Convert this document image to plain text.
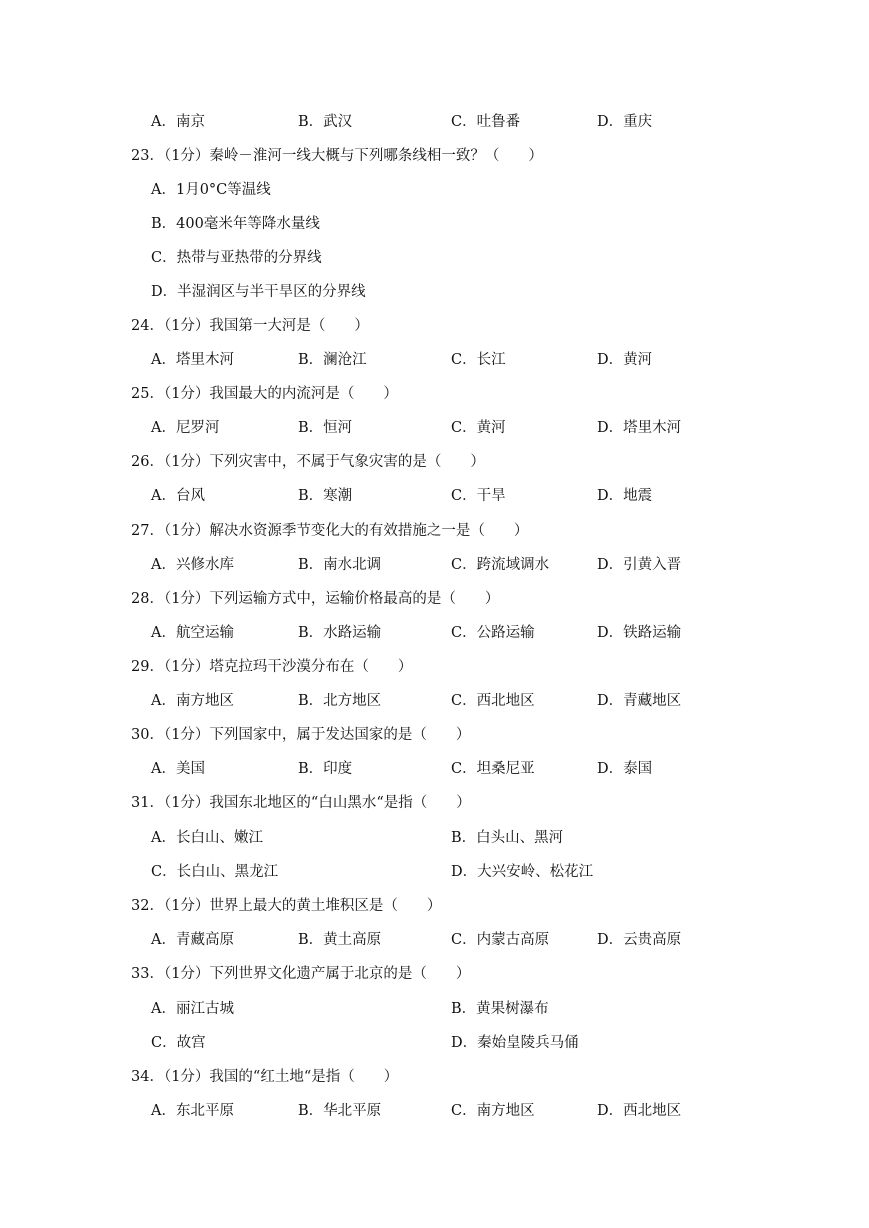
A．南京	B．武汉	C．吐鲁番	D．重庆
23．（1分）秦岭－淮河一线大概与下列哪条线相一致？（　　）
A．1月0°C等温线
B．400毫米年等降水量线
C．热带与亚热带的分界线
D．半湿润区与半干旱区的分界线
24．（1分）我国第一大河是（　　）
A．塔里木河	B．澜沧江	C．长江	D．黄河
25．（1分）我国最大的内流河是（　　）
A．尼罗河	B．恒河	C．黄河	D．塔里木河
26．（1分）下列灾害中，不属于气象灾害的是（　　）
A．台风	B．寒潮	C．干旱	D．地震
27．（1分）解决水资源季节变化大的有效措施之一是（　　）
A．兴修水库	B．南水北调	C．跨流域调水	D．引黄入晋
28．（1分）下列运输方式中，运输价格最高的是（　　）
A．航空运输	B．水路运输	C．公路运输	D．铁路运输
29．（1分）塔克拉玛干沙漠分布在（　　）
A．南方地区	B．北方地区	C．西北地区	D．青藏地区
30．（1分）下列国家中，属于发达国家的是（　　）
A．美国	B．印度	C．坦桑尼亚	D．泰国
31．（1分）我国东北地区的“白山黑水“是指（　　）
A．长白山、嫩江	B．白头山、黑河
C．长白山、黑龙江	D．大兴安岭、松花江
32．（1分）世界上最大的黄土堆积区是（　　）
A．青藏高原	B．黄土高原	C．内蒙古高原	D．云贵高原
33．（1分）下列世界文化遗产属于北京的是（　　）
A．丽江古城	B．黄果树瀑布
C．故宫	D．秦始皇陵兵马俑
34．（1分）我国的“红土地“是指（　　）
A．东北平原	B．华北平原	C．南方地区	D．西北地区
